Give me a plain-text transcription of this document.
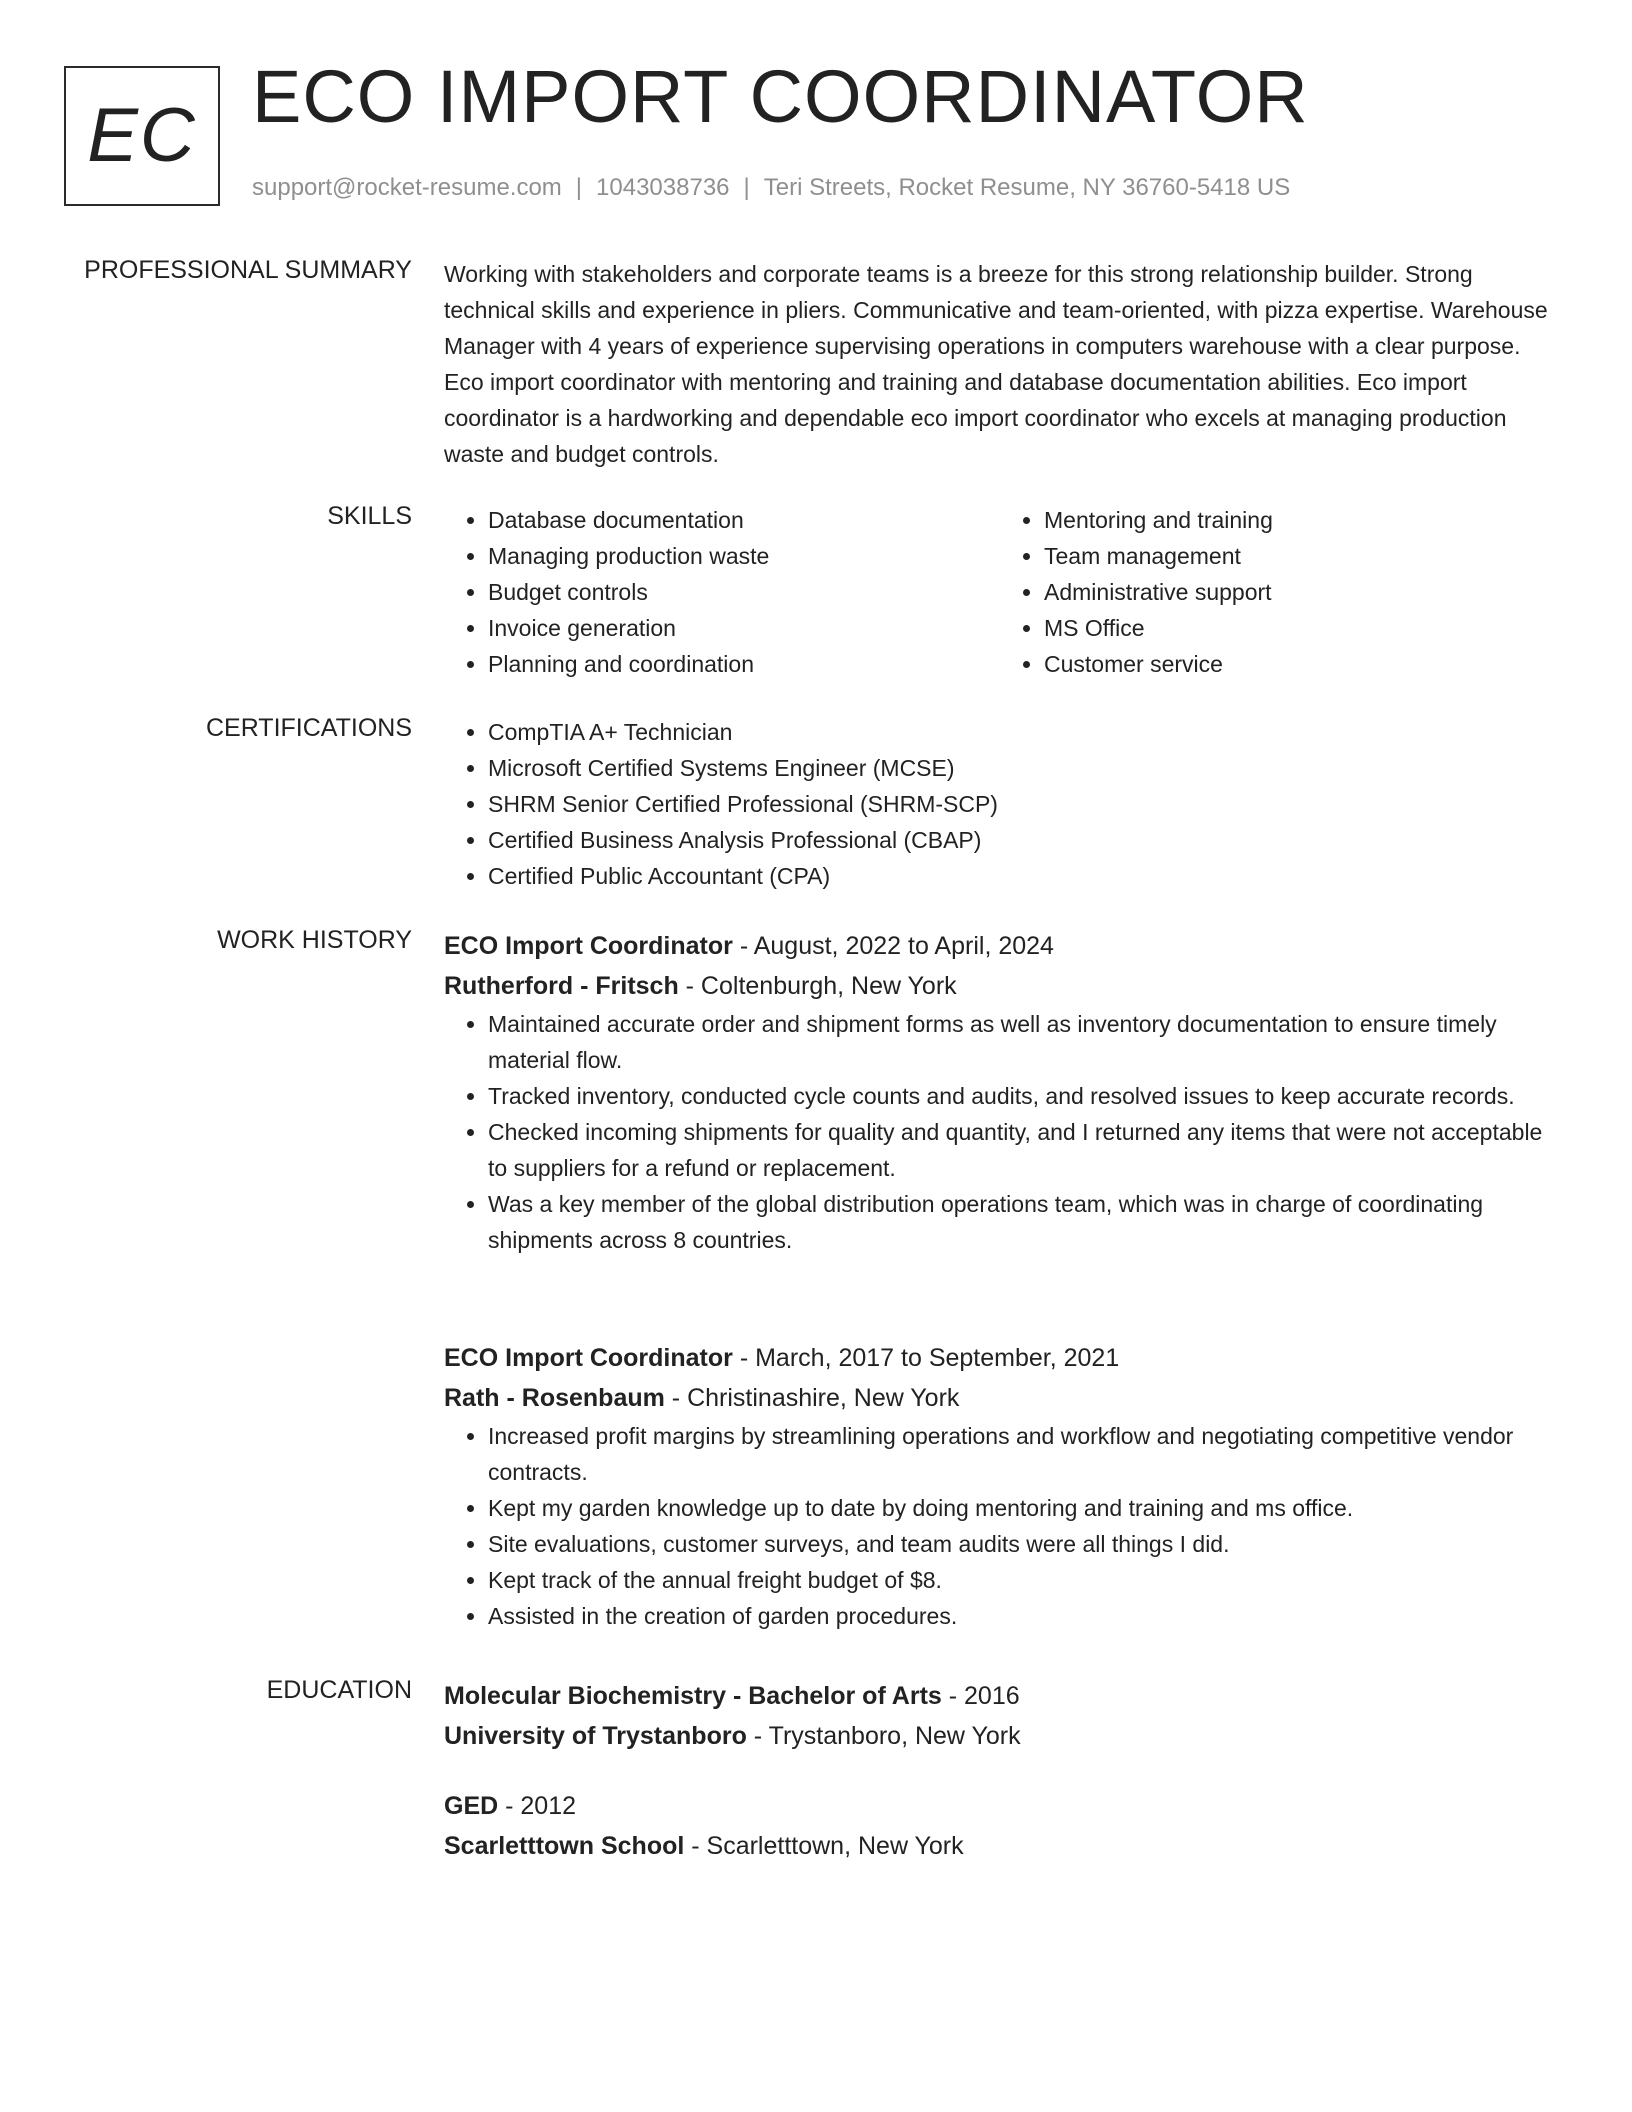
EC ECO IMPORT COORDINATOR
support@rocket-resume.com | 1043038736 | Teri Streets, Rocket Resume, NY 36760-5418 US
PROFESSIONAL SUMMARY Working with stakeholders and corporate teams is a breeze for this strong relationship builder. Strong technical skills and experience in pliers. Communicative and team-oriented, with pizza expertise. Warehouse Manager with 4 years of experience supervising operations in computers warehouse with a clear purpose. Eco import coordinator with mentoring and training and database documentation abilities. Eco import coordinator is a hardworking and dependable eco import coordinator who excels at managing production waste and budget controls.

SKILLS	• Database documentation
• Managing production waste
• Budget controls
• Invoice generation
• Planning and coordination
• Mentoring and training
• Team management
• Administrative support
• MS Office
• Customer service
CERTIFICATIONS	• CompTIA A+ Technician
• Microsoft Certified Systems Engineer (MCSE)
• SHRM Senior Certified Professional (SHRM-SCP)
• Certified Business Analysis Professional (CBAP)
• Certified Public Accountant (CPA)
WORK HISTORY ECO Import Coordinator - August, 2022 to April, 2024
Rutherford - Fritsch - Coltenburgh, New York
• Maintained accurate order and shipment forms as well as inventory documentation to ensure timely material flow.
• Tracked inventory, conducted cycle counts and audits, and resolved issues to keep accurate records.
• Checked incoming shipments for quality and quantity, and I returned any items that were not acceptable to suppliers for a refund or replacement.
• Was a key member of the global distribution operations team, which was in charge of coordinating shipments across 8 countries.
ECO Import Coordinator - March, 2017 to September, 2021
Rath - Rosenbaum - Christinashire, New York
• Increased profit margins by streamlining operations and workflow and negotiating competitive vendor contracts.
• Kept my garden knowledge up to date by doing mentoring and training and ms office.
• Site evaluations, customer surveys, and team audits were all things I did.
• Kept track of the annual freight budget of $8.
• Assisted in the creation of garden procedures.
EDUCATION Molecular Biochemistry - Bachelor of Arts - 2016
University of Trystanboro - Trystanboro, New York
GED - 2012
Scarletttown School - Scarletttown, New York
